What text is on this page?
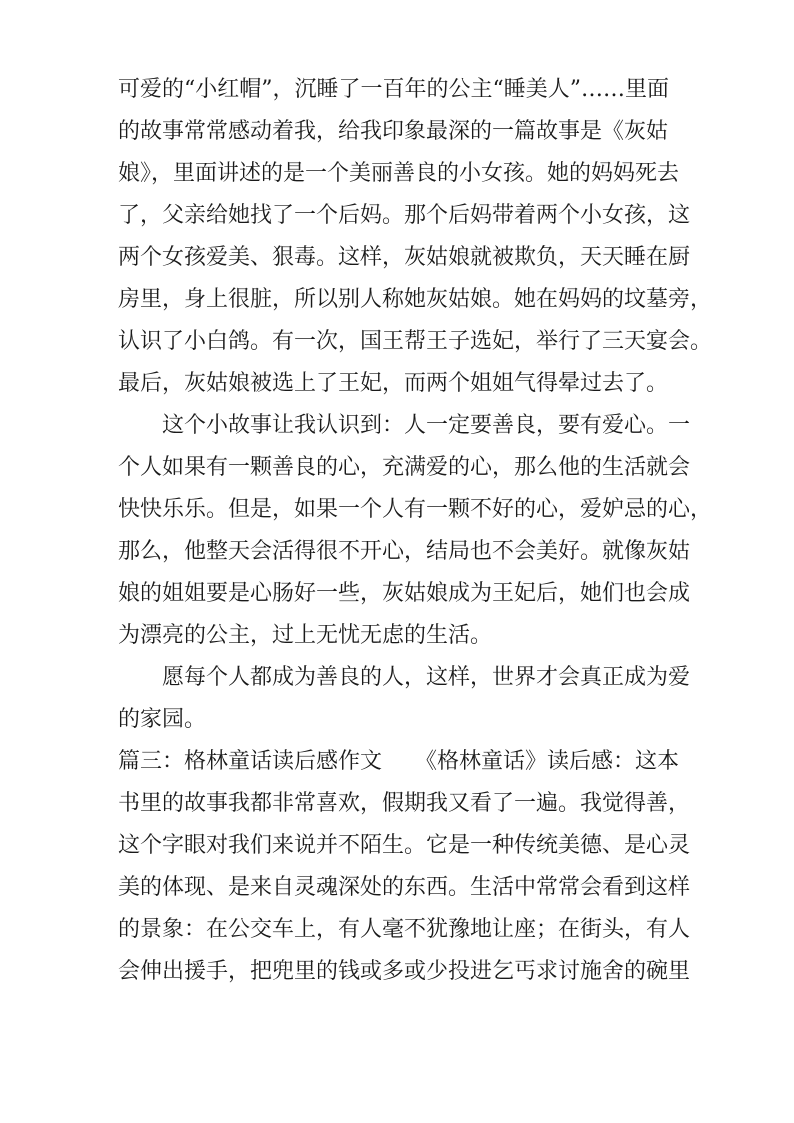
可爱的“小红帽”，沉睡了一百年的公主“睡美人”……里面
的故事常常感动着我，给我印象最深的一篇故事是《灰姑
娘》，里面讲述的是一个美丽善良的小女孩。她的妈妈死去
了，父亲给她找了一个后妈。那个后妈带着两个小女孩，这
两个女孩爱美、狠毒。这样，灰姑娘就被欺负，天天睡在厨
房里，身上很脏，所以别人称她灰姑娘。她在妈妈的坟墓旁，
认识了小白鸽。有一次，国王帮王子选妃，举行了三天宴会。
最后，灰姑娘被选上了王妃，而两个姐姐气得晕过去了。
这个小故事让我认识到：人一定要善良，要有爱心。一
个人如果有一颗善良的心，充满爱的心，那么他的生活就会
快快乐乐。但是，如果一个人有一颗不好的心，爱妒忌的心，
那么，他整天会活得很不开心，结局也不会美好。就像灰姑
娘的姐姐要是心肠好一些，灰姑娘成为王妃后，她们也会成
为漂亮的公主，过上无忧无虑的生活。
愿每个人都成为善良的人，这样，世界才会真正成为爱
的家园。
篇三：格林童话读后感作文　　《格林童话》读后感：这本
书里的故事我都非常喜欢，假期我又看了一遍。我觉得善，
这个字眼对我们来说并不陌生。它是一种传统美德、是心灵
美的体现、是来自灵魂深处的东西。生活中常常会看到这样
的景象：在公交车上，有人毫不犹豫地让座；在街头，有人
会伸出援手，把兜里的钱或多或少投进乞丐求讨施舍的碗里
